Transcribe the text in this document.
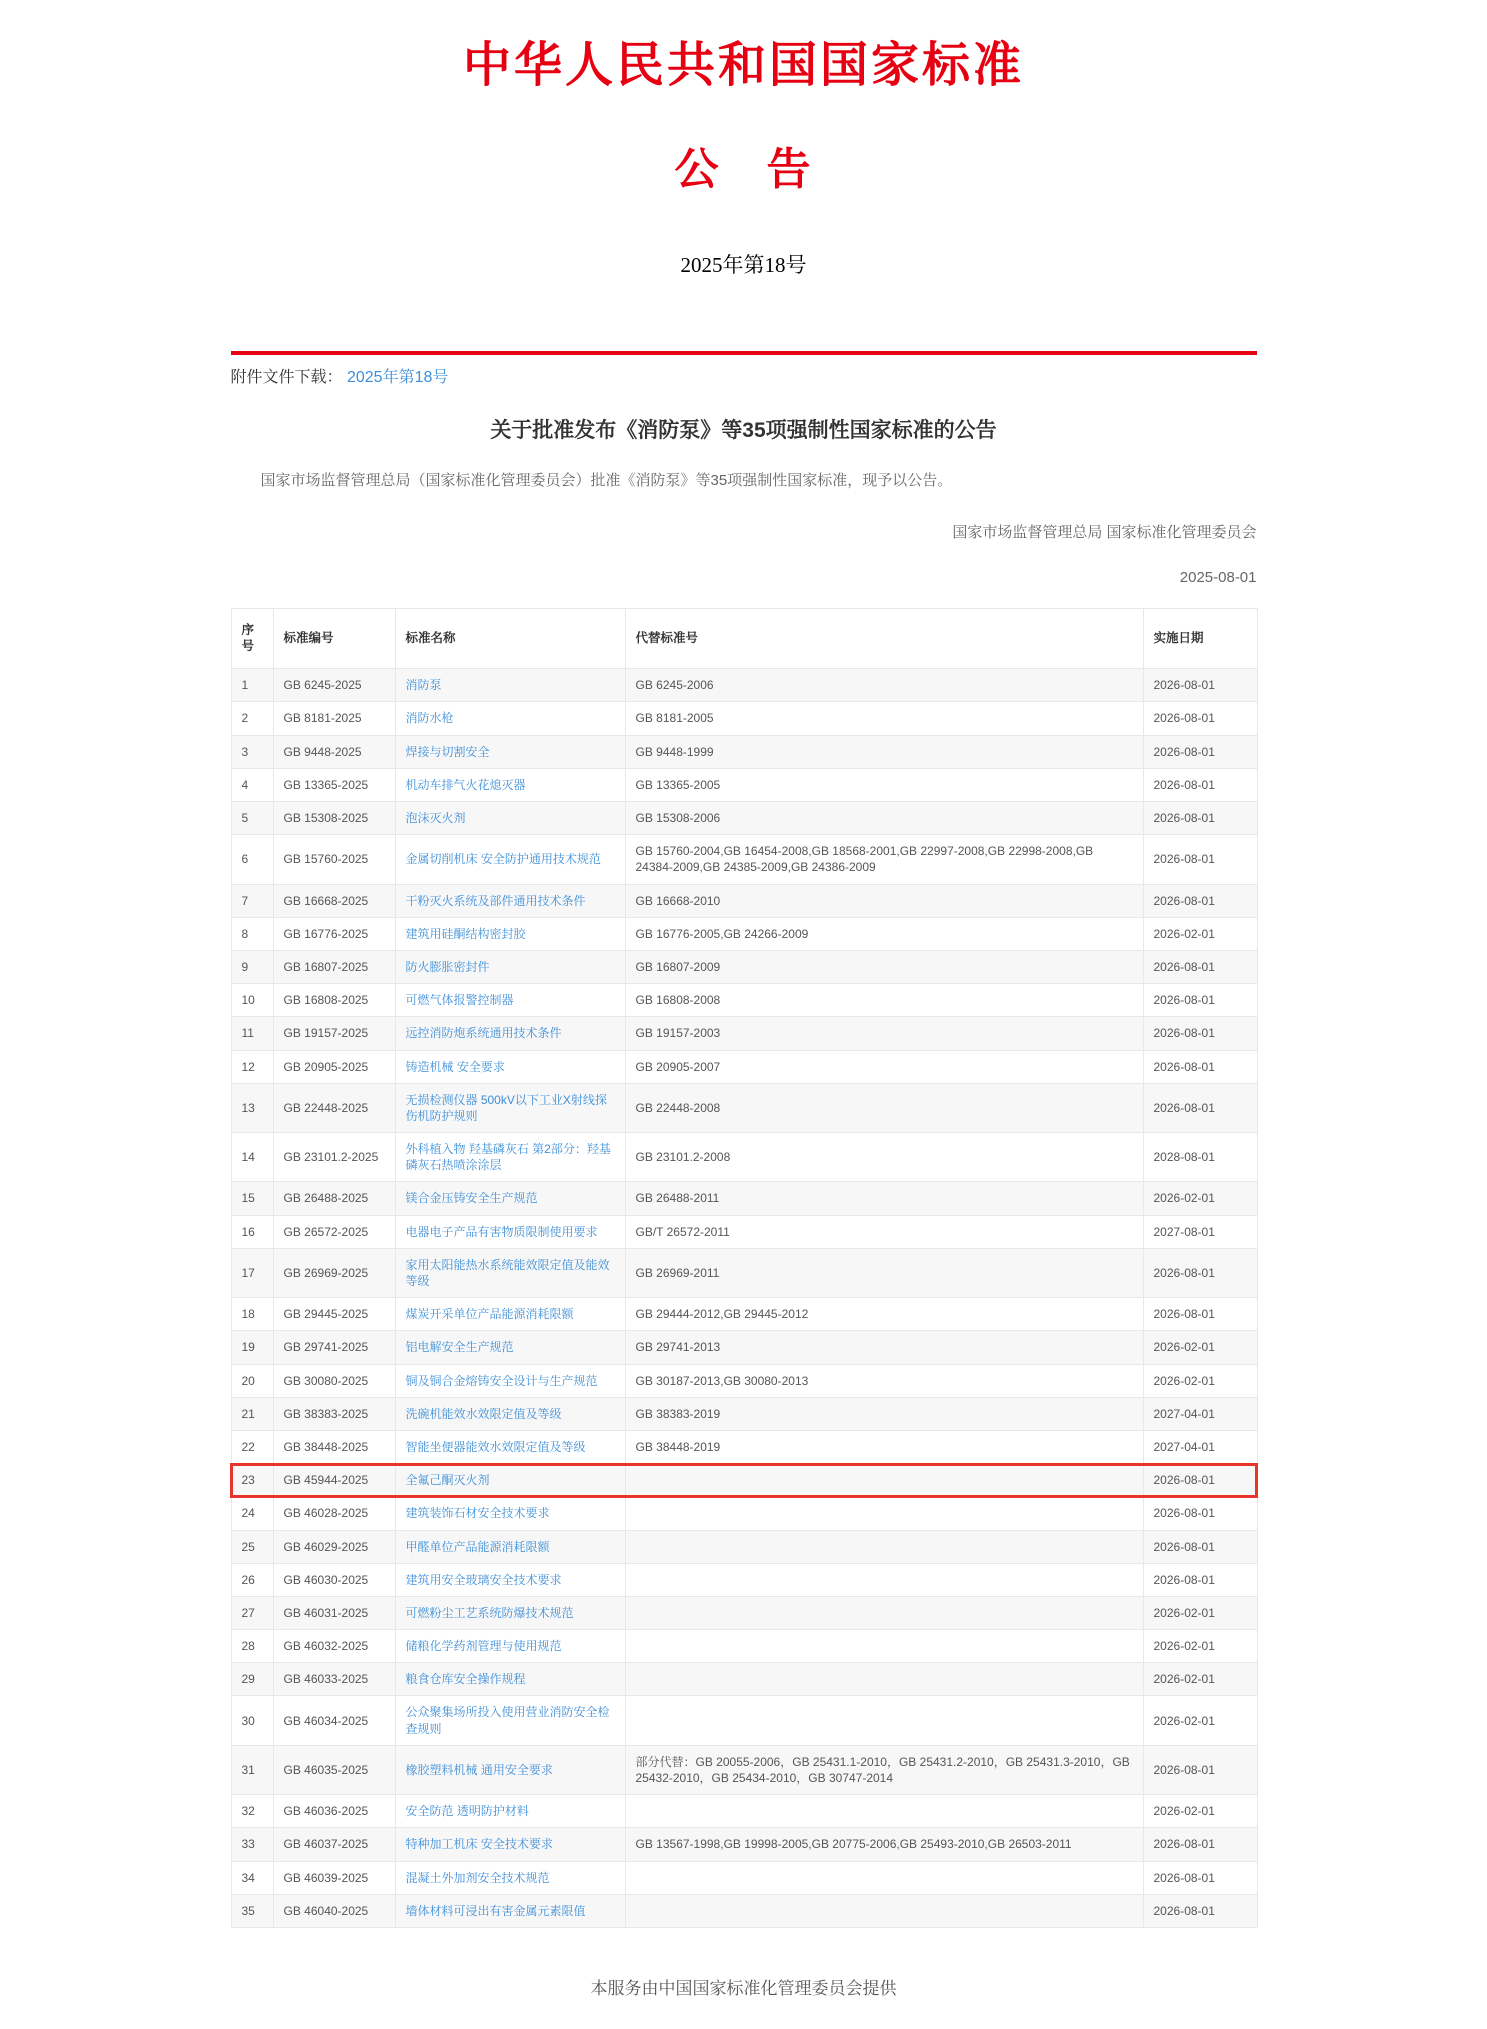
中华人民共和国国家标准
公　告
2025年第18号
附件文件下载： 2025年第18号
关于批准发布《消防泵》等35项强制性国家标准的公告

国家市场监督管理总局（国家标准化管理委员会）批准《消防泵》等35项强制性国家标准，现予以公告。

国家市场监督管理总局 国家标准化管理委员会
2025-08-01
序号	标准编号	标准名称	代替标准号	实施日期
1	GB 6245-2025	消防泵	GB 6245-2006	2026-08-01
2	GB 8181-2025	消防水枪	GB 8181-2005	2026-08-01
3	GB 9448-2025	焊接与切割安全	GB 9448-1999	2026-08-01
4	GB 13365-2025	机动车排气火花熄灭器	GB 13365-2005	2026-08-01
5	GB 15308-2025	泡沫灭火剂	GB 15308-2006	2026-08-01
6	GB 15760-2025	金属切削机床 安全防护通用技术规范	GB 15760-2004,GB 16454-2008,GB 18568-2001,GB 22997-2008,GB 22998-2008,GB 24384-2009,GB 24385-2009,GB 24386-2009	2026-08-01
7	GB 16668-2025	干粉灭火系统及部件通用技术条件	GB 16668-2010	2026-08-01
8	GB 16776-2025	建筑用硅酮结构密封胶	GB 16776-2005,GB 24266-2009	2026-02-01
9	GB 16807-2025	防火膨胀密封件	GB 16807-2009	2026-08-01
10	GB 16808-2025	可燃气体报警控制器	GB 16808-2008	2026-08-01
11	GB 19157-2025	远控消防炮系统通用技术条件	GB 19157-2003	2026-08-01
12	GB 20905-2025	铸造机械 安全要求	GB 20905-2007	2026-08-01
13	GB 22448-2025	无损检测仪器 500kV以下工业X射线探伤机防护规则	GB 22448-2008	2026-08-01
14	GB 23101.2-2025	外科植入物 羟基磷灰石 第2部分：羟基磷灰石热喷涂涂层	GB 23101.2-2008	2028-08-01
15	GB 26488-2025	镁合金压铸安全生产规范	GB 26488-2011	2026-02-01
16	GB 26572-2025	电器电子产品有害物质限制使用要求	GB/T 26572-2011	2027-08-01
17	GB 26969-2025	家用太阳能热水系统能效限定值及能效等级	GB 26969-2011	2026-08-01
18	GB 29445-2025	煤炭开采单位产品能源消耗限额	GB 29444-2012,GB 29445-2012	2026-08-01
19	GB 29741-2025	铝电解安全生产规范	GB 29741-2013	2026-02-01
20	GB 30080-2025	铜及铜合金熔铸安全设计与生产规范	GB 30187-2013,GB 30080-2013	2026-02-01
21	GB 38383-2025	洗碗机能效水效限定值及等级	GB 38383-2019	2027-04-01
22	GB 38448-2025	智能坐便器能效水效限定值及等级	GB 38448-2019	2027-04-01
23	GB 45944-2025	全氟己酮灭火剂		2026-08-01
24	GB 46028-2025	建筑装饰石材安全技术要求		2026-08-01
25	GB 46029-2025	甲醛单位产品能源消耗限额		2026-08-01
26	GB 46030-2025	建筑用安全玻璃安全技术要求		2026-08-01
27	GB 46031-2025	可燃粉尘工艺系统防爆技术规范		2026-02-01
28	GB 46032-2025	储粮化学药剂管理与使用规范		2026-02-01
29	GB 46033-2025	粮食仓库安全操作规程		2026-02-01
30	GB 46034-2025	公众聚集场所投入使用营业消防安全检查规则		2026-02-01
31	GB 46035-2025	橡胶塑料机械 通用安全要求	部分代替：GB 20055-2006，GB 25431.1-2010，GB 25431.2-2010，GB 25431.3-2010，GB 25432-2010，GB 25434-2010，GB 30747-2014	2026-08-01
32	GB 46036-2025	安全防范 透明防护材料		2026-02-01
33	GB 46037-2025	特种加工机床 安全技术要求	GB 13567-1998,GB 19998-2005,GB 20775-2006,GB 25493-2010,GB 26503-2011	2026-08-01
34	GB 46039-2025	混凝土外加剂安全技术规范		2026-08-01
35	GB 46040-2025	墙体材料可浸出有害金属元素限值		2026-08-01
本服务由中国国家标准化管理委员会提供
